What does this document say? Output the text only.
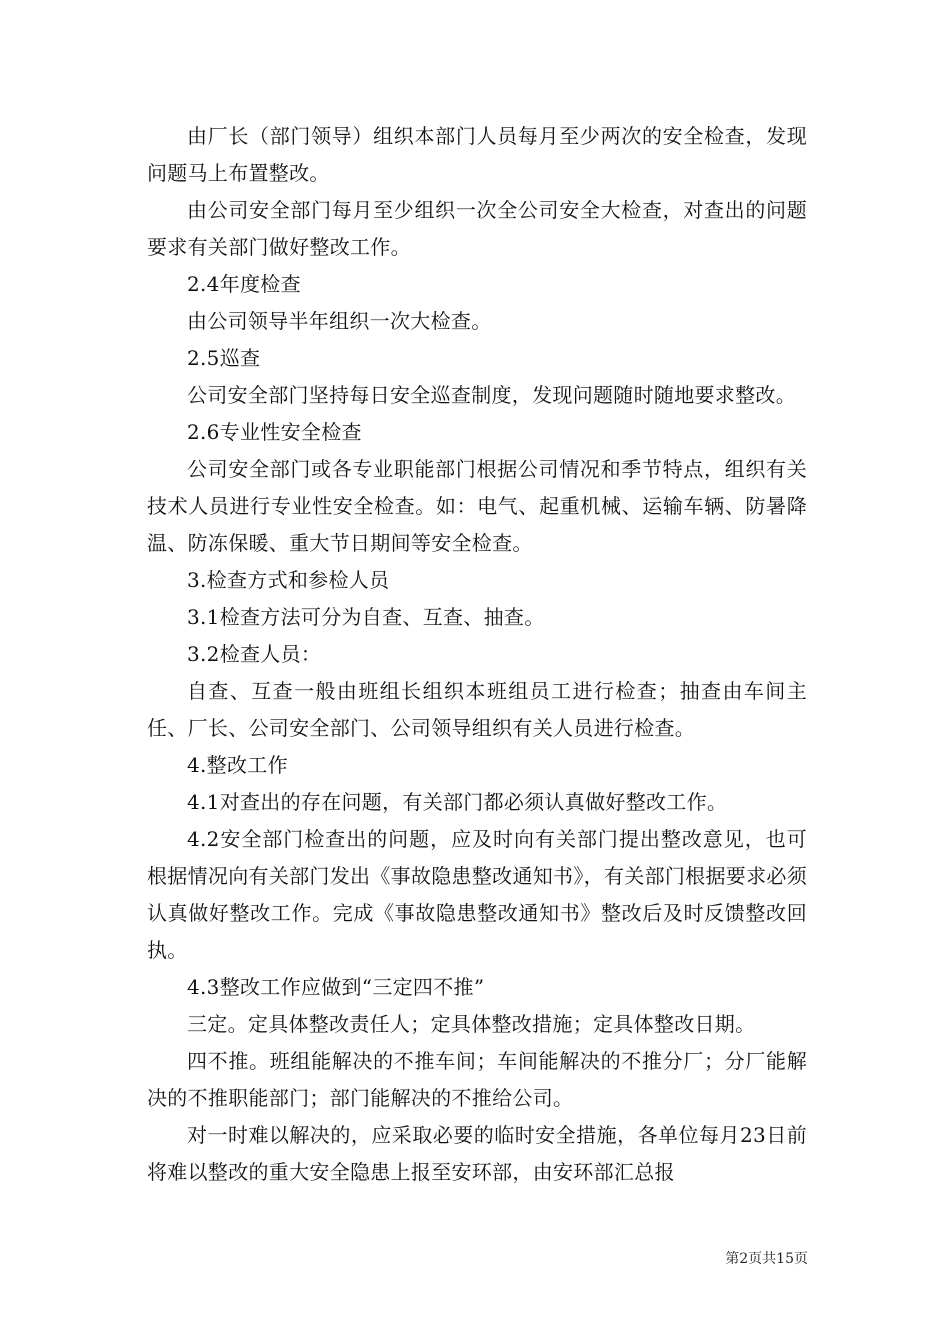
由厂长（部门领导）组织本部门人员每月至少两次的安全检查，发现问题马上布置整改。

由公司安全部门每月至少组织一次全公司安全大检查，对查出的问题要求有关部门做好整改工作。

2.4年度检查

由公司领导半年组织一次大检查。

2.5巡查

公司安全部门坚持每日安全巡查制度，发现问题随时随地要求整改。

2.6专业性安全检查

公司安全部门或各专业职能部门根据公司情况和季节特点，组织有关技术人员进行专业性安全检查。如：电气、起重机械、运输车辆、防暑降温、防冻保暖、重大节日期间等安全检查。

3.检查方式和参检人员

3.1检查方法可分为自查、互查、抽查。

3.2检查人员：

自查、互查一般由班组长组织本班组员工进行检查；抽查由车间主任、厂长、公司安全部门、公司领导组织有关人员进行检查。

4.整改工作

4.1对查出的存在问题，有关部门都必须认真做好整改工作。

4.2安全部门检查出的问题，应及时向有关部门提出整改意见，也可根据情况向有关部门发出《事故隐患整改通知书》，有关部门根据要求必须认真做好整改工作。完成《事故隐患整改通知书》整改后及时反馈整改回执。

4.3整改工作应做到“三定四不推”

三定。定具体整改责任人；定具体整改措施；定具体整改日期。

四不推。班组能解决的不推车间；车间能解决的不推分厂；分厂能解决的不推职能部门；部门能解决的不推给公司。

对一时难以解决的，应采取必要的临时安全措施，各单位每月23日前将难以整改的重大安全隐患上报至安环部，由安环部汇总报

第2页共15页
